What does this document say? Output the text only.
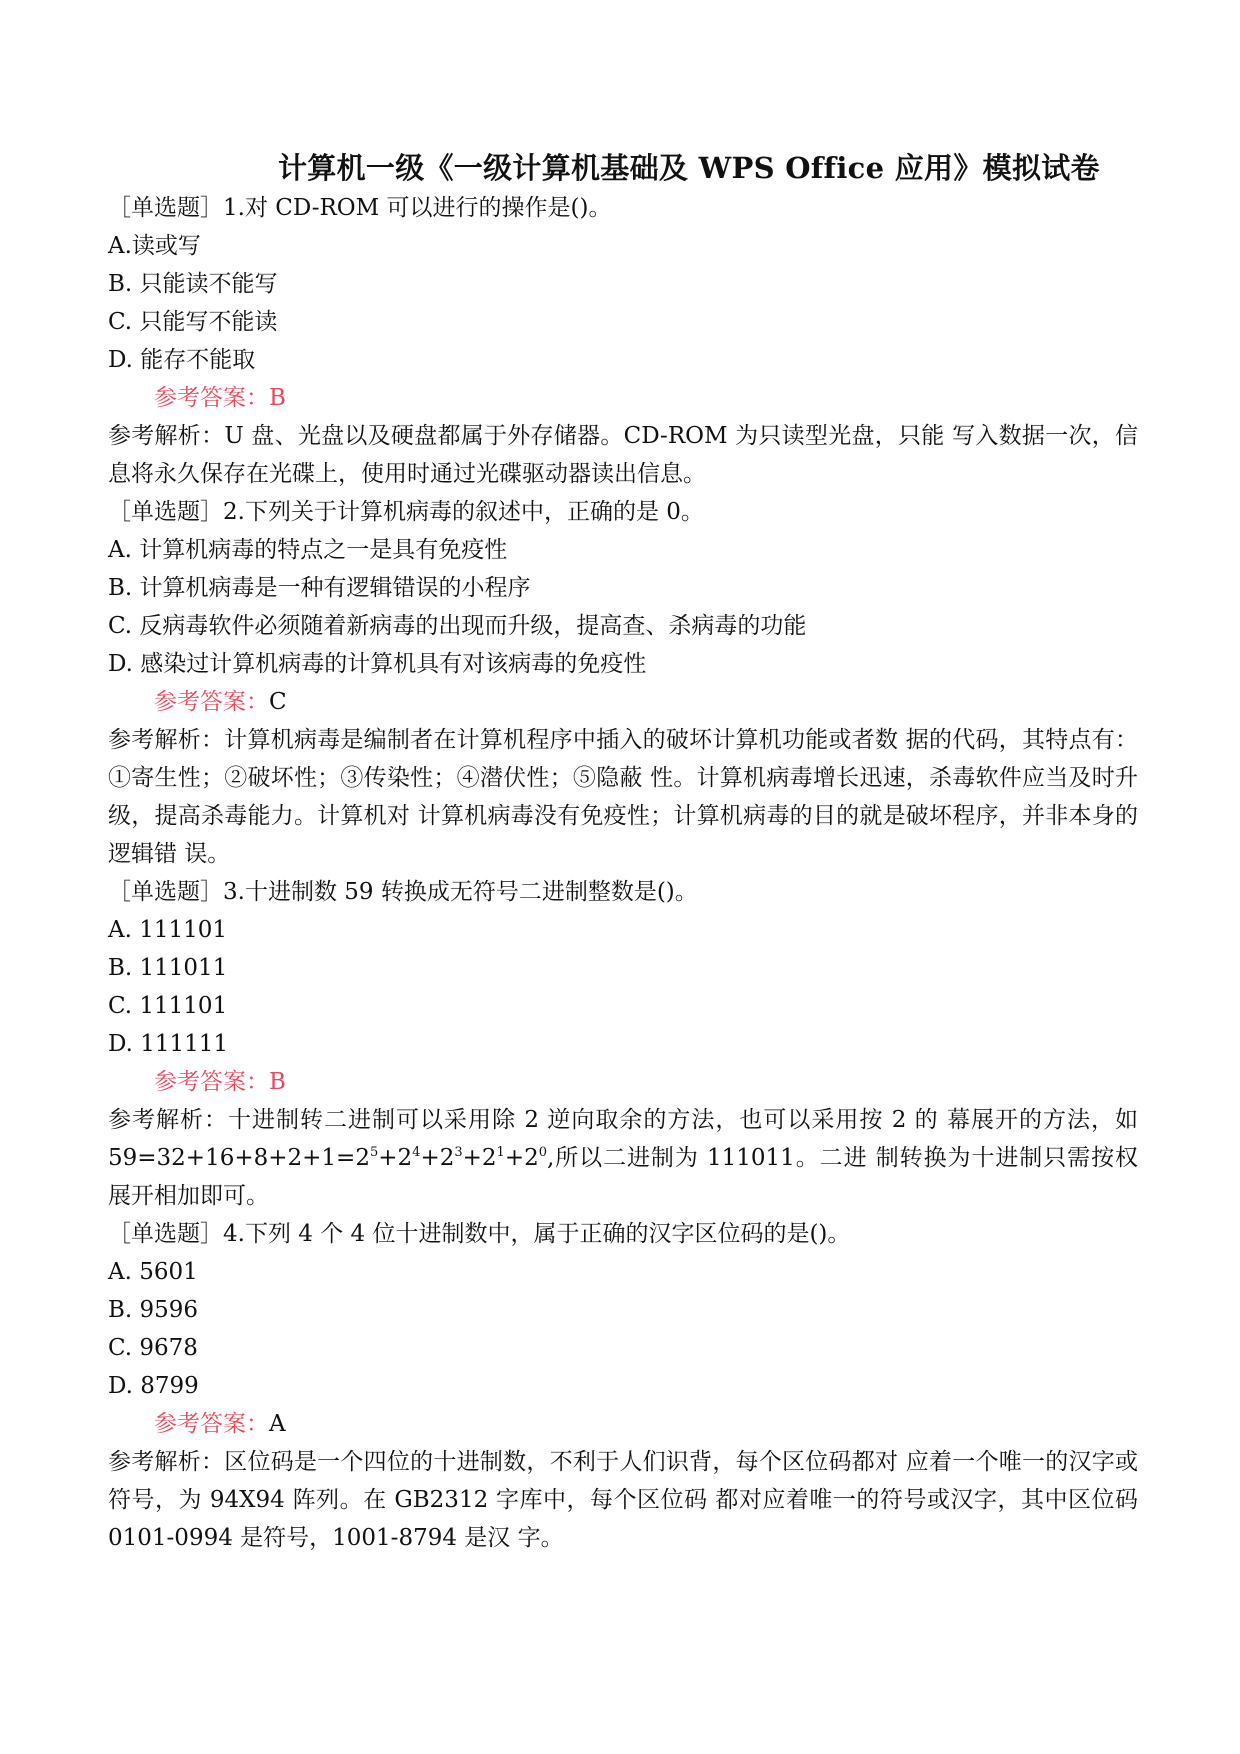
计算机一级《一级计算机基础及 WPS Office 应用》模拟试卷
［单选题］1.对 CD-ROM 可以进行的操作是()。
A.读或写
B. 只能读不能写
C. 只能写不能读
D. 能存不能取
参考答案：B
参考解析：U 盘、光盘以及硬盘都属于外存储器。CD-ROM 为只读型光盘，只能 写入数据一次，信息将永久保存在光碟上，使用时通过光碟驱动器读出信息。
［单选题］2.下列关于计算机病毒的叙述中，正确的是 0。
A. 计算机病毒的特点之一是具有免疫性
B. 计算机病毒是一种有逻辑错误的小程序
C. 反病毒软件必须随着新病毒的出现而升级，提高查、杀病毒的功能
D. 感染过计算机病毒的计算机具有对该病毒的免疫性
参考答案：C
参考解析：计算机病毒是编制者在计算机程序中插入的破坏计算机功能或者数 据的代码，其特点有：①寄生性；②破坏性；③传染性；④潜伏性；⑤隐蔽 性。计算机病毒增长迅速，杀毒软件应当及时升级，提高杀毒能力。计算机对 计算机病毒没有免疫性；计算机病毒的目的就是破坏程序，并非本身的逻辑错 误。
［单选题］3.十进制数 59 转换成无符号二进制整数是()。
A. 111101
B. 111011
C. 111101
D. 111111
参考答案：B
参考解析：十进制转二进制可以采用除 2 逆向取余的方法，也可以采用按 2 的 幕展开的方法，如 $59=32+16+8+2+1=2^5+2^4+2^3+2^1+2^0$,所以二进制为 111011。二进 制转换为十进制只需按权展开相加即可。
［单选题］4.下列 4 个 4 位十进制数中，属于正确的汉字区位码的是()。
A. 5601
B. 9596
C. 9678
D. 8799
参考答案：A
参考解析：区位码是一个四位的十进制数，不利于人们识背，每个区位码都对 应着一个唯一的汉字或符号，为 94X94 阵列。在 GB2312 字库中，每个区位码 都对应着唯一的符号或汉字，其中区位码 0101-0994 是符号，1001-8794 是汉 字。
